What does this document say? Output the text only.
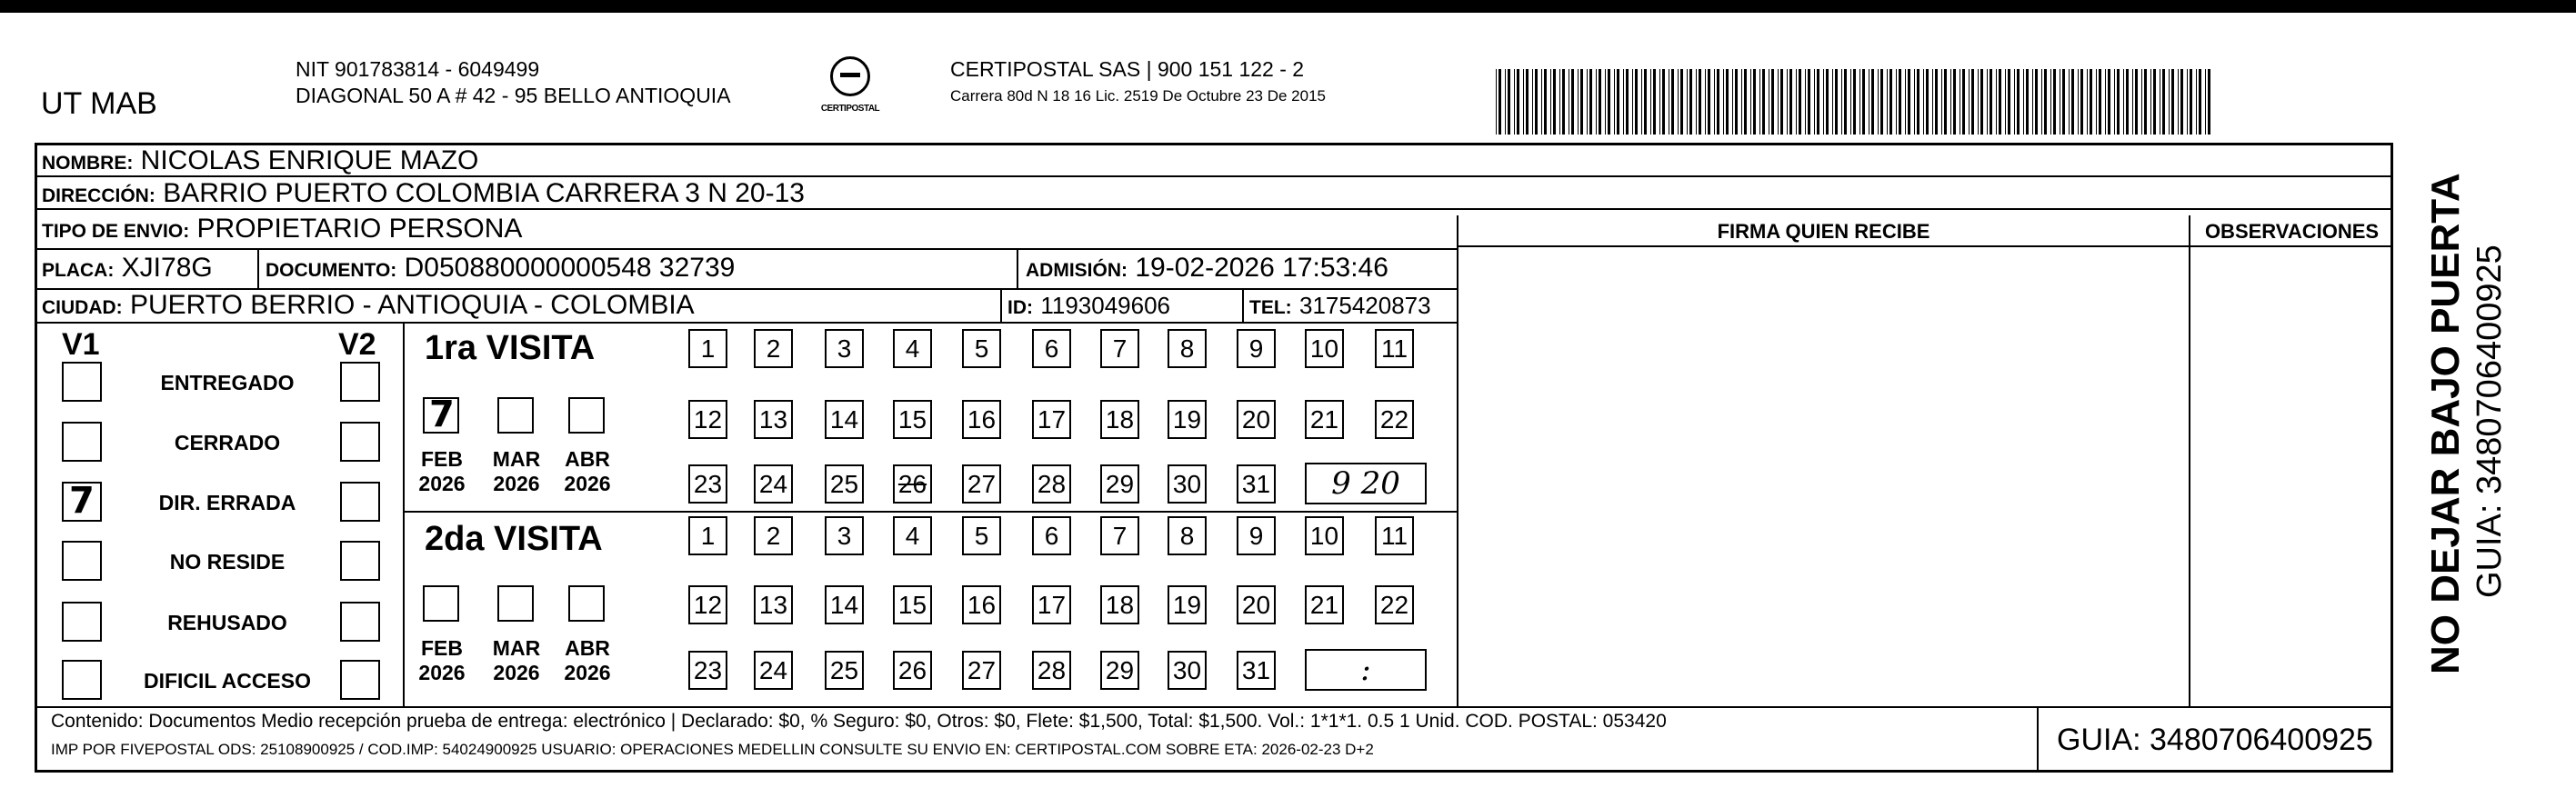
UT MAB
NIT 901783814 - 6049499
DIAGONAL 50 A # 42 - 95 BELLO ANTIOQUIA
CERTIPOSTAL
CERTIPOSTAL SAS | 900 151 122 - 2
Carrera 80d N 18 16 Lic. 2519 De Octubre 23 De 2015
NOMBRE: NICOLAS ENRIQUE MAZO
DIRECCIÓN: BARRIO PUERTO COLOMBIA CARRERA 3 N 20-13
TIPO DE ENVIO: PROPIETARIO PERSONA	FIRMA QUIEN RECIBE	OBSERVACIONES
PLACA: XJI78G	DOCUMENTO: D050880000000548 32739	ADMISIÓN: 19-02-2026 17:53:46
CIUDAD: PUERTO BERRIO - ANTIOQUIA - COLOMBIA	ID: 1193049606	TEL: 3175420873
V1	V2
ENTREGADO
CERRADO
7	DIR. ERRADA
NO RESIDE
REHUSADO
DIFICIL ACCESO
1ra VISITA
7
FEB
2026
MAR
2026
ABR
2026
1	2	3	4	5	6	7	8	9	10 11
12 13 14 15 16 17 18 19 20 21 22
23 24 25 26 27 28 29 30 31	9 20
2da VISITA
FEB
2026
MAR
2026
ABR
2026
1	2	3	4	5	6	7	8	9	10 11
12 13 14 15 16 17 18 19 20 21 22
23 24 25 26 27 28 29 30 31	:
Contenido: Documentos Medio recepción prueba de entrega: electrónico | Declarado: $0, % Seguro: $0, Otros: $0, Flete: $1,500, Total: $1,500. Vol.: 1*1*1. 0.5 1 Unid. COD. POSTAL: 053420
IMP POR FIVEPOSTAL ODS: 25108900925 / COD.IMP: 54024900925 USUARIO: OPERACIONES MEDELLIN CONSULTE SU ENVIO EN: CERTIPOSTAL.COM SOBRE ETA: 2026-02-23 D+2	GUIA: 3480706400925
NO DEJAR BAJO PUERTA GUIA: 3480706400925
